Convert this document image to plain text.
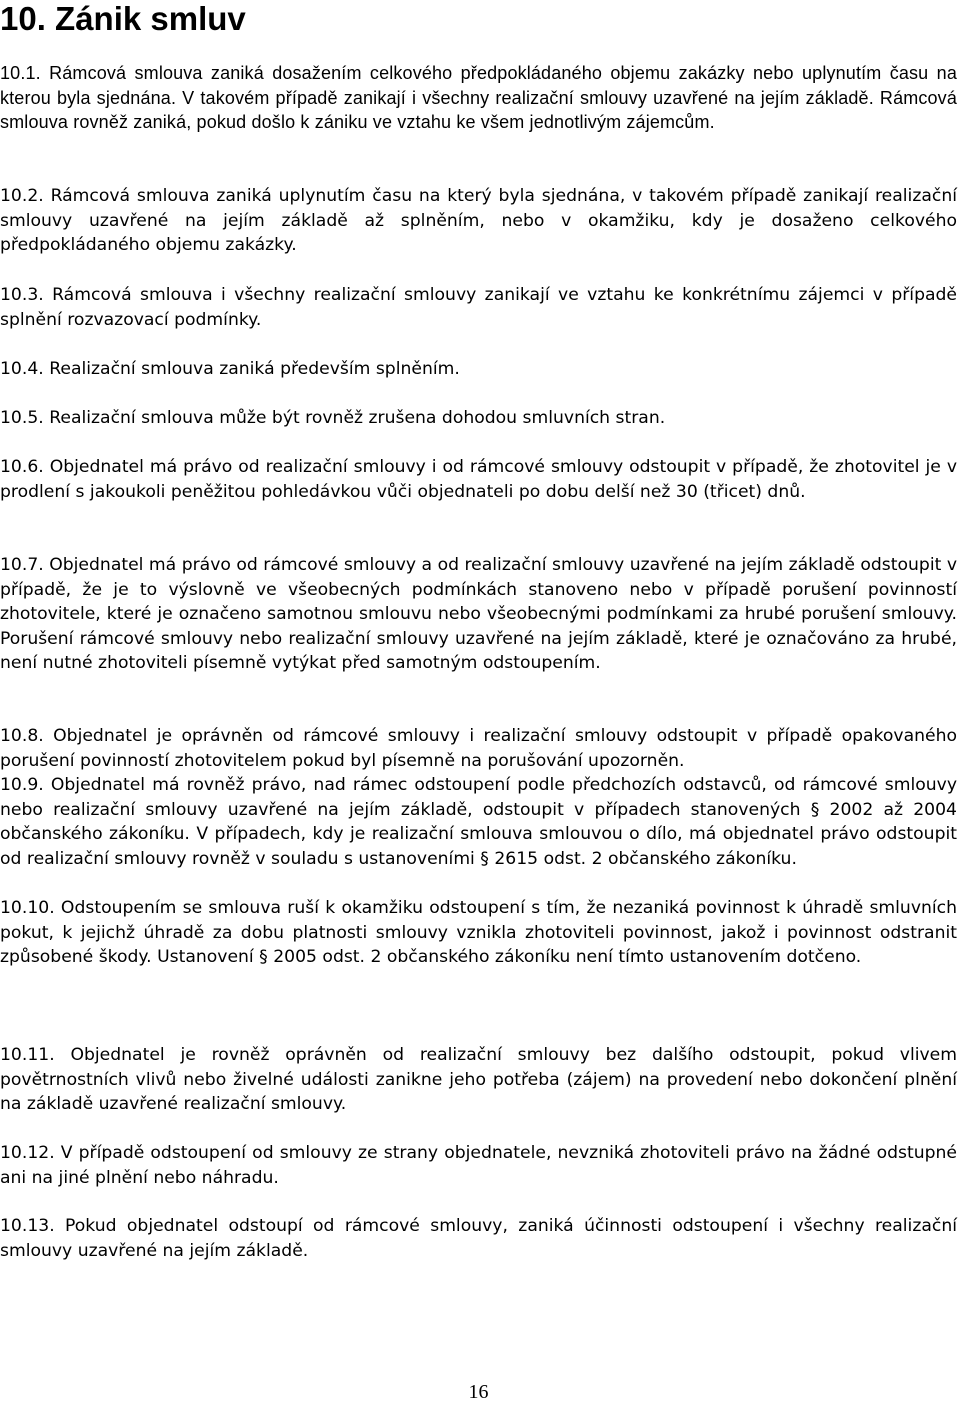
10. Zánik smluv

10.1. Rámcová smlouva zaniká dosažením celkového předpokládaného objemu zakázky nebo uplynutím času na kterou byla sjednána. V takovém případě zanikají i všechny realizační smlouvy uzavřené na jejím základě. Rámcová smlouva rovněž zaniká, pokud došlo k zániku ve vztahu ke všem jednotlivým zájemcům.

10.2. Rámcová smlouva zaniká uplynutím času na který byla sjednána, v takovém případě zanikají realizační smlouvy uzavřené na jejím základě až splněním, nebo v okamžiku, kdy je dosaženo celkového předpokládaného objemu zakázky.

10.3. Rámcová smlouva i všechny realizační smlouvy zanikají ve vztahu ke konkrétnímu zájemci v případě splnění rozvazovací podmínky.

10.4. Realizační smlouva zaniká především splněním.

10.5. Realizační smlouva může být rovněž zrušena dohodou smluvních stran.

10.6. Objednatel má právo od realizační smlouvy i od rámcové smlouvy odstoupit v případě, že zhotovitel je v prodlení s jakoukoli peněžitou pohledávkou vůči objednateli po dobu delší než 30 (třicet) dnů.

10.7. Objednatel má právo od rámcové smlouvy a od realizační smlouvy uzavřené na jejím základě odstoupit v případě, že je to výslovně ve všeobecných podmínkách stanoveno nebo v případě porušení povinností zhotovitele, které je označeno samotnou smlouvu nebo všeobecnými podmínkami za hrubé porušení smlouvy. Porušení rámcové smlouvy nebo realizační smlouvy uzavřené na jejím základě, které je označováno za hrubé, není nutné zhotoviteli písemně vytýkat před samotným odstoupením.

10.8. Objednatel je oprávněn od rámcové smlouvy i realizační smlouvy odstoupit v případě opakovaného porušení povinností zhotovitelem pokud byl písemně na porušování upozorněn.

10.9. Objednatel má rovněž právo, nad rámec odstoupení podle předchozích odstavců, od rámcové smlouvy nebo realizační smlouvy uzavřené na jejím základě, odstoupit v případech stanovených § 2002 až 2004 občanského zákoníku. V případech, kdy je realizační smlouva smlouvou o dílo, má objednatel právo odstoupit od realizační smlouvy rovněž v souladu s ustanoveními § 2615 odst. 2 občanského zákoníku.

10.10. Odstoupením se smlouva ruší k okamžiku odstoupení s tím, že nezaniká povinnost k úhradě smluvních pokut, k jejichž úhradě za dobu platnosti smlouvy vznikla zhotoviteli povinnost, jakož i povinnost odstranit způsobené škody. Ustanovení § 2005 odst. 2 občanského zákoníku není tímto ustanovením dotčeno.

10.11. Objednatel je rovněž oprávněn od realizační smlouvy bez dalšího odstoupit, pokud vlivem povětrnostních vlivů nebo živelné události zanikne jeho potřeba (zájem) na provedení nebo dokončení plnění na základě uzavřené realizační smlouvy.

10.12. V případě odstoupení od smlouvy ze strany objednatele, nevzniká zhotoviteli právo na žádné odstupné ani na jiné plnění nebo náhradu.

10.13. Pokud objednatel odstoupí od rámcové smlouvy, zaniká účinnosti odstoupení i všechny realizační smlouvy uzavřené na jejím základě.

16
